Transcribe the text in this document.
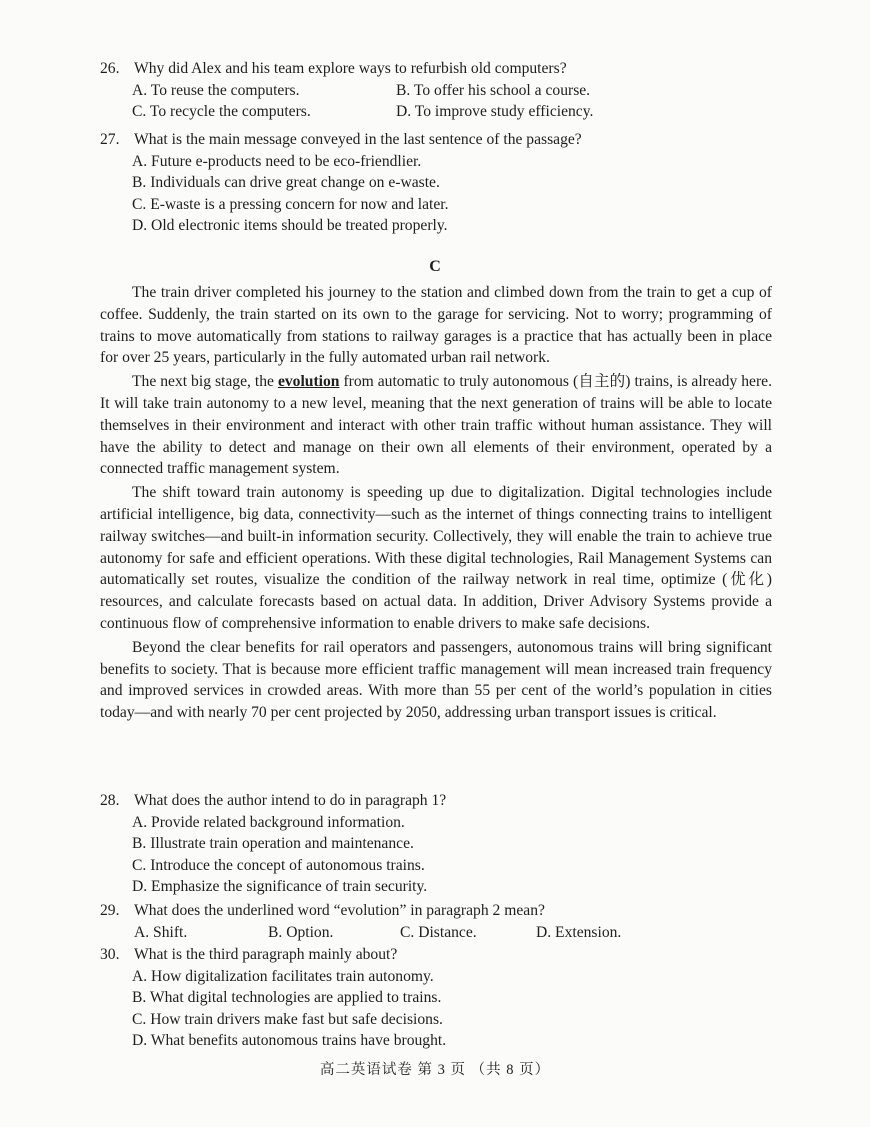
26. Why did Alex and his team explore ways to refurbish old computers?
A. To reuse the computers.	B. To offer his school a course.
C. To recycle the computers.	D. To improve study efficiency.
27. What is the main message conveyed in the last sentence of the passage?
A. Future e-products need to be eco-friendlier.
B. Individuals can drive great change on e-waste.
C. E-waste is a pressing concern for now and later.
D. Old electronic items should be treated properly.
C

The train driver completed his journey to the station and climbed down from the train to get a cup of coffee. Suddenly, the train started on its own to the garage for servicing. Not to worry; programming of trains to move automatically from stations to railway garages is a practice that has actually been in place for over 25 years, particularly in the fully automated urban rail network.

The next big stage, the evolution from automatic to truly autonomous (自主的) trains, is already here. It will take train autonomy to a new level, meaning that the next generation of trains will be able to locate themselves in their environment and interact with other train traffic without human assistance. They will have the ability to detect and manage on their own all elements of their environment, operated by a connected traffic management system.

The shift toward train autonomy is speeding up due to digitalization. Digital technologies include artificial intelligence, big data, connectivity—such as the internet of things connecting trains to intelligent railway switches—and built-in information security. Collectively, they will enable the train to achieve true autonomy for safe and efficient operations. With these digital technologies, Rail Management Systems can automatically set routes, visualize the condition of the railway network in real time, optimize (优化) resources, and calculate forecasts based on actual data. In addition, Driver Advisory Systems provide a continuous flow of comprehensive information to enable drivers to make safe decisions.

Beyond the clear benefits for rail operators and passengers, autonomous trains will bring significant benefits to society. That is because more efficient traffic management will mean increased train frequency and improved services in crowded areas. With more than 55 per cent of the world’s population in cities today—and with nearly 70 per cent projected by 2050, addressing urban transport issues is critical.

28. What does the author intend to do in paragraph 1?
A. Provide related background information.
B. Illustrate train operation and maintenance.
C. Introduce the concept of autonomous trains.
D. Emphasize the significance of train security.
29. What does the underlined word “evolution” in paragraph 2 mean?
A. Shift.	B. Option.	C. Distance.	D. Extension.
30. What is the third paragraph mainly about?
A. How digitalization facilitates train autonomy.
B. What digital technologies are applied to trains.
C. How train drivers make fast but safe decisions.
D. What benefits autonomous trains have brought.
高二英语试卷 第 3 页 （共 8 页）
